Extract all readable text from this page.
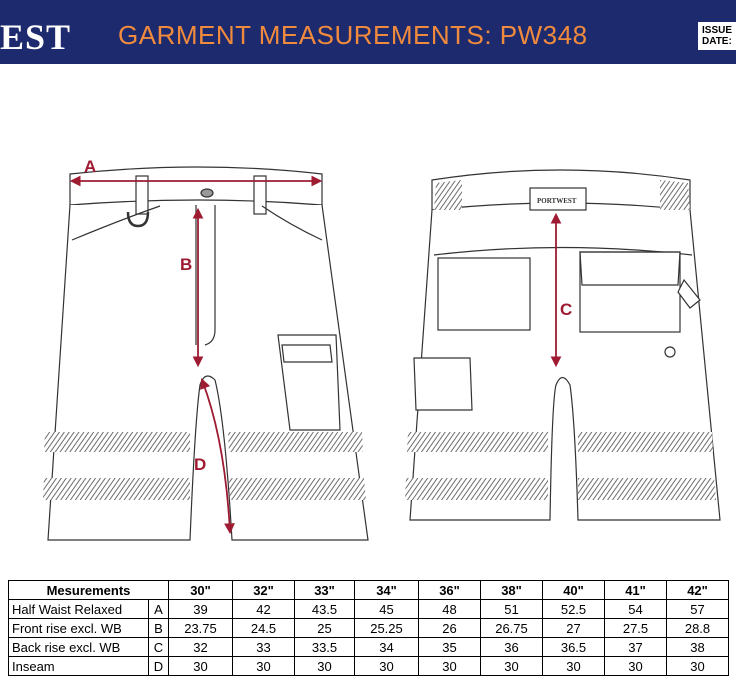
EST GARMENT MEASUREMENTS: PW348	ISSUE
DATE:
A
B
D
PORTWEST
C
Mesurements		30"	32"	33"	34"	36"	38"	40"	41"	42"
Half Waist Relaxed	A	39	42	43.5	45	48	51	52.5	54	57
Front rise excl. WB	B	23.75	24.5	25	25.25	26	26.75	27	27.5	28.8
Back rise excl. WB	C	32	33	33.5	34	35	36	36.5	37	38
Inseam	D	30	30	30	30	30	30	30	30	30
